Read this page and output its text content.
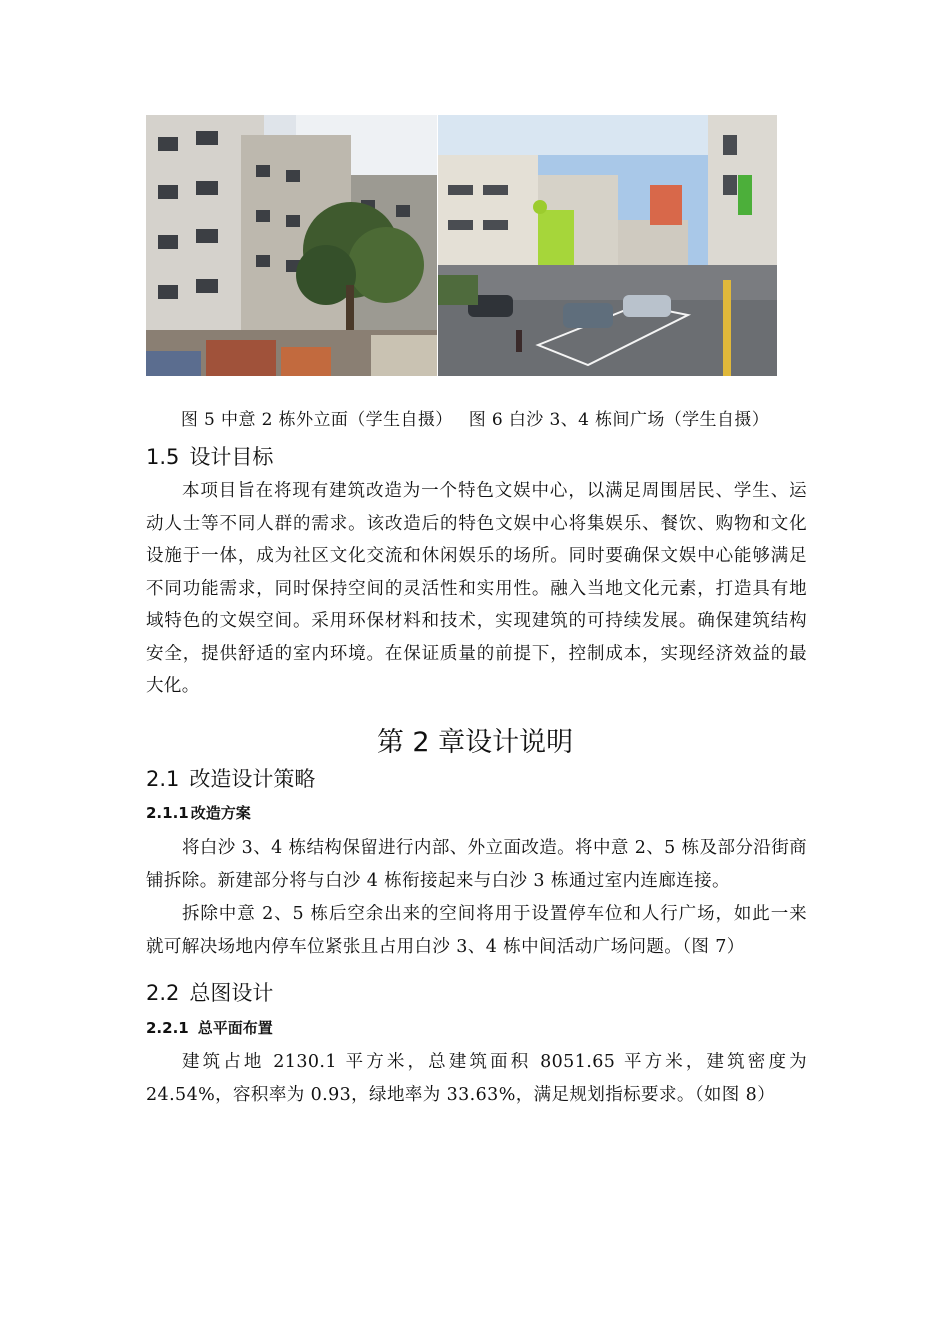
图 5 中意 2 栋外立面（学生自摄） 图 6 白沙 3、4 栋间广场（学生自摄）
1.5 设计目标
本项目旨在将现有建筑改造为一个特色文娱中心，以满足周围居民、学生、运动人士等不同人群的需求。该改造后的特色文娱中心将集娱乐、餐饮、购物和文化设施于一体，成为社区文化交流和休闲娱乐的场所。同时要确保文娱中心能够满足不同功能需求，同时保持空间的灵活性和实用性。融入当地文化元素，打造具有地域特色的文娱空间。采用环保材料和技术，实现建筑的可持续发展。确保建筑结构安全，提供舒适的室内环境。在保证质量的前提下，控制成本，实现经济效益的最大化。
第 2 章设计说明
2.1 改造设计策略
2.1.1 改造方案
将白沙 3、4 栋结构保留进行内部、外立面改造。将中意 2、5 栋及部分沿街商铺拆除。新建部分将与白沙 4 栋衔接起来与白沙 3 栋通过室内连廊连接。
拆除中意 2、5 栋后空余出来的空间将用于设置停车位和人行广场，如此一来就可解决场地内停车位紧张且占用白沙 3、4 栋中间活动广场问题。（图 7）
2.2 总图设计
2.2.1 总平面布置
建筑占地 2130.1 平方米，总建筑面积 8051.65 平方米，建筑密度为 24.54%，容积率为 0.93，绿地率为 33.63%，满足规划指标要求。（如图 8）
